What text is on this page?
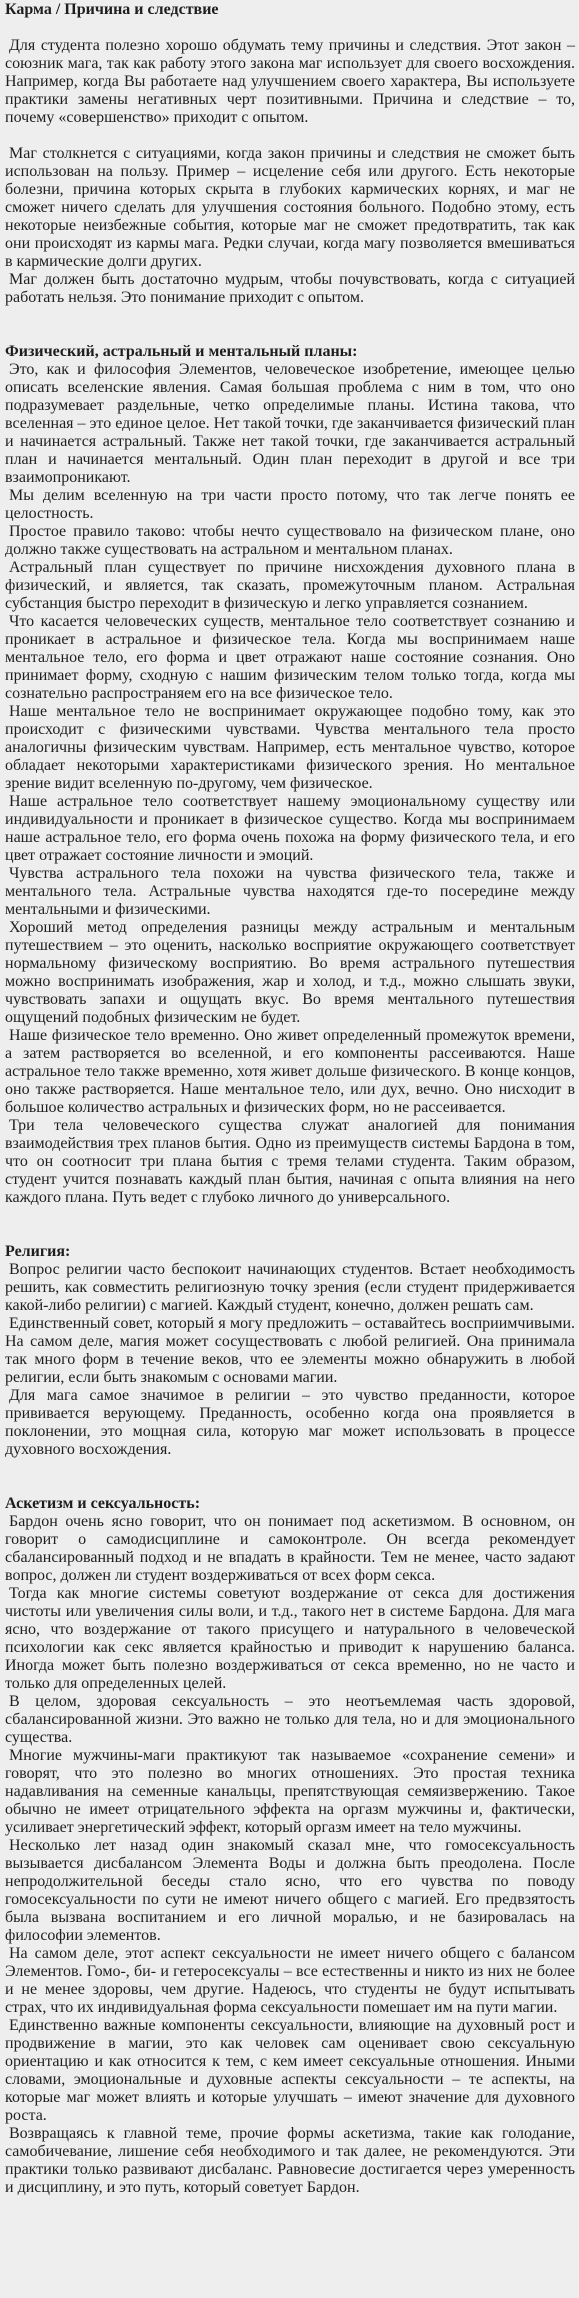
Карма / Причина и следствие

Для студента полезно хорошо обдумать тему причины и следствия. Этот закон – союзник мага, так как работу этого закона маг использует для своего восхождения. Например, когда Вы работаете над улучшением своего характера, Вы используете практики замены негативных черт позитивными. Причина и следствие – то, почему «совершенство» приходит с опытом.

Маг столкнется с ситуациями, когда закон причины и следствия не сможет быть использован на пользу. Пример – исцеление себя или другого. Есть некоторые болезни, причина которых скрыта в глубоких кармических корнях, и маг не сможет ничего сделать для улучшения состояния больного. Подобно этому, есть некоторые неизбежные события, которые маг не сможет предотвратить, так как они происходят из кармы мага. Редки случаи, когда магу позволяется вмешиваться в кармические долги других.

Маг должен быть достаточно мудрым, чтобы почувствовать, когда с ситуацией работать нельзя. Это понимание приходит с опытом.

Физический, астральный и ментальный планы:

Это, как и философия Элементов, человеческое изобретение, имеющее целью описать вселенские явления. Самая большая проблема с ним в том, что оно подразумевает раздельные, четко определимые планы. Истина такова, что вселенная – это единое целое. Нет такой точки, где заканчивается физический план и начинается астральный. Также нет такой точки, где заканчивается астральный план и начинается ментальный. Один план переходит в другой и все три взаимопроникают.

Мы делим вселенную на три части просто потому, что так легче понять ее целостность.

Простое правило таково: чтобы нечто существовало на физическом плане, оно должно также существовать на астральном и ментальном планах.

Астральный план существует по причине нисхождения духовного плана в физический, и является, так сказать, промежуточным планом. Астральная субстанция быстро переходит в физическую и легко управляется сознанием.

Что касается человеческих существ, ментальное тело соответствует сознанию и проникает в астральное и физическое тела. Когда мы воспринимаем наше ментальное тело, его форма и цвет отражают наше состояние сознания. Оно принимает форму, сходную с нашим физическим телом только тогда, когда мы сознательно распространяем его на все физическое тело.

Наше ментальное тело не воспринимает окружающее подобно тому, как это происходит с физическими чувствами. Чувства ментального тела просто аналогичны физическим чувствам. Например, есть ментальное чувство, которое обладает некоторыми характеристиками физического зрения. Но ментальное зрение видит вселенную по-другому, чем физическое.

Наше астральное тело соответствует нашему эмоциональному существу или индивидуальности и проникает в физическое существо. Когда мы воспринимаем наше астральное тело, его форма очень похожа на форму физического тела, и его цвет отражает состояние личности и эмоций.

Чувства астрального тела похожи на чувства физического тела, также и ментального тела. Астральные чувства находятся где-то посередине между ментальными и физическими.

Хороший метод определения разницы между астральным и ментальным путешествием – это оценить, насколько восприятие окружающего соответствует нормальному физическому восприятию. Во время астрального путешествия можно воспринимать изображения, жар и холод, и т.д., можно слышать звуки, чувствовать запахи и ощущать вкус. Во время ментального путешествия ощущений подобных физическим не будет.

Наше физическое тело временно. Оно живет определенный промежуток времени, а затем растворяется во вселенной, и его компоненты рассеиваются. Наше астральное тело также временно, хотя живет дольше физического. В конце концов, оно также растворяется. Наше ментальное тело, или дух, вечно. Оно нисходит в большое количество астральных и физических форм, но не рассеивается.

Три тела человеческого существа служат аналогией для понимания взаимодействия трех планов бытия. Одно из преимуществ системы Бардона в том, что он соотносит три плана бытия с тремя телами студента. Таким образом, студент учится познавать каждый план бытия, начиная с опыта влияния на него каждого плана. Путь ведет с глубоко личного до универсального.

Религия:

Вопрос религии часто беспокоит начинающих студентов. Встает необходимость решить, как совместить религиозную точку зрения (если студент придерживается какой-либо религии) с магией. Каждый студент, конечно, должен решать сам.

Единственный совет, который я могу предложить – оставайтесь восприимчивыми. На самом деле, магия может сосуществовать с любой религией. Она принимала так много форм в течение веков, что ее элементы можно обнаружить в любой религии, если быть знакомым с основами магии.

Для мага самое значимое в религии – это чувство преданности, которое прививается верующему. Преданность, особенно когда она проявляется в поклонении, это мощная сила, которую маг может использовать в процессе духовного восхождения.

Аскетизм и сексуальность:

Бардон очень ясно говорит, что он понимает под аскетизмом. В основном, он говорит о самодисциплине и самоконтроле. Он всегда рекомендует сбалансированный подход и не впадать в крайности. Тем не менее, часто задают вопрос, должен ли студент воздерживаться от всех форм секса.

Тогда как многие системы советуют воздержание от секса для достижения чистоты или увеличения силы воли, и т.д., такого нет в системе Бардона. Для мага ясно, что воздержание от такого присущего и натурального в человеческой психологии как секс является крайностью и приводит к нарушению баланса. Иногда может быть полезно воздерживаться от секса временно, но не часто и только для определенных целей.

В целом, здоровая сексуальность – это неотъемлемая часть здоровой, сбалансированной жизни. Это важно не только для тела, но и для эмоционального существа.

Многие мужчины-маги практикуют так называемое «сохранение семени» и говорят, что это полезно во многих отношениях. Это простая техника надавливания на семенные канальцы, препятствующая семяизвержению. Такое обычно не имеет отрицательного эффекта на оргазм мужчины и, фактически, усиливает энергетический эффект, который оргазм имеет на тело мужчины.

Несколько лет назад один знакомый сказал мне, что гомосексуальность вызывается дисбалансом Элемента Воды и должна быть преодолена. После непродолжительной беседы стало ясно, что его чувства по поводу гомосексуальности по сути не имеют ничего общего с магией. Его предвзятость была вызвана воспитанием и его личной моралью, и не базировалась на философии элементов.

На самом деле, этот аспект сексуальности не имеет ничего общего с балансом Элементов. Гомо-, би- и гетеросексуалы – все естественны и никто из них не более и не менее здоровы, чем другие. Надеюсь, что студенты не будут испытывать страх, что их индивидуальная форма сексуальности помешает им на пути магии.

Единственно важные компоненты сексуальности, влияющие на духовный рост и продвижение в магии, это как человек сам оценивает свою сексуальную ориентацию и как относится к тем, с кем имеет сексуальные отношения. Иными словами, эмоциональные и духовные аспекты сексуальности – те аспекты, на которые маг может влиять и которые улучшать – имеют значение для духовного роста.

Возвращаясь к главной теме, прочие формы аскетизма, такие как голодание, самобичевание, лишение себя необходимого и так далее, не рекомендуются. Эти практики только развивают дисбаланс. Равновесие достигается через умеренность и дисциплину, и это путь, который советует Бардон.
